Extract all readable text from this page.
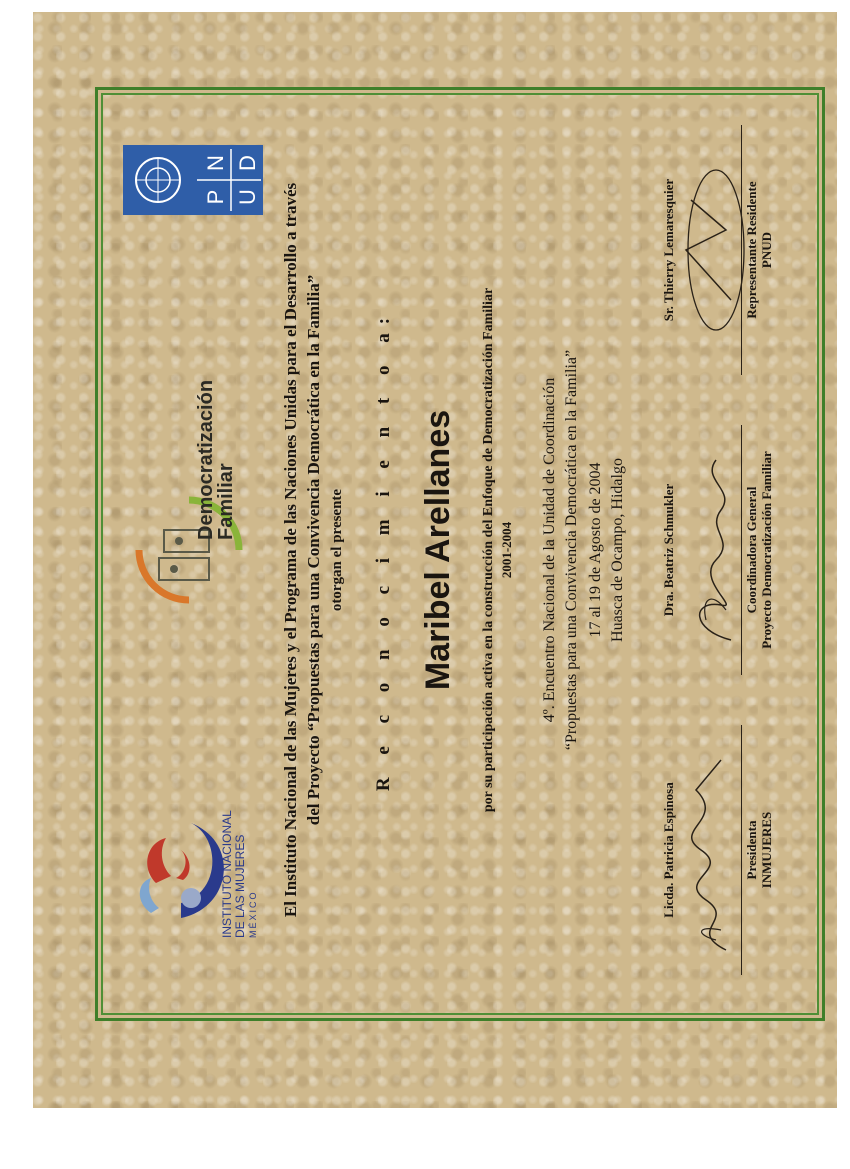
INSTITUTO NACIONAL DE LAS MUJERES MÉXICO
Democratización
Familiar
P
N
U
D
El Instituto Nacional de las Mujeres y el Programa de las Naciones Unidas para el Desarrollo a través del Proyecto “Propuestas para una Convivencia Democrática en la Familia” otorgan el presente R e c o n o c i m i e n t o a: Maribel Arellanes por su participación activa en la construcción del Enfoque de Democratización Familiar 2001-2004 4º. Encuentro Nacional de la Unidad de Coordinación “Propuestas para una Convivencia Democrática en la Familia” 17 al 19 de Agosto de 2004 Huasca de Ocampo, Hidalgo
Licda. Patricia Espinosa
Dra. Beatriz Schmukler
Sr. Thierry Lemaresquier
Presidenta INMUJERES
Coordinadora General Proyecto Democratización Familiar
Representante Residente PNUD
